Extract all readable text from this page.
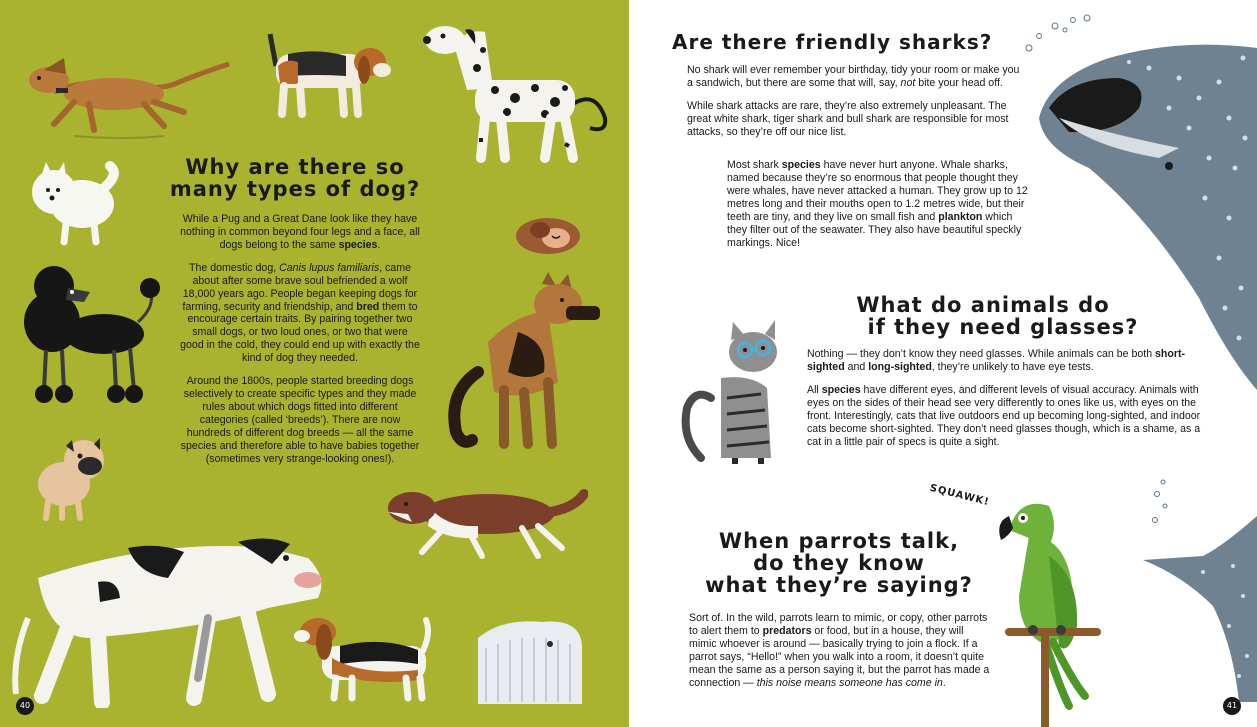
Why are there so
many types of dog?

While a Pug and a Great Dane look like they have nothing in common beyond four legs and a face, all dogs belong to the same species.

The domestic dog, Canis lupus familiaris, came about after some brave soul befriended a wolf 18,000 years ago. People began keeping dogs for farming, security and friendship, and bred them to encourage certain traits. By pairing together two small dogs, or two loud ones, or two that were good in the cold, they could end up with exactly the kind of dog they needed.

Around the 1800s, people started breeding dogs selectively to create specific types and they made rules about which dogs fitted into different categories (called ‘breeds’). There are now hundreds of different dog breeds — all the same species and therefore able to have babies together (sometimes very strange-looking ones!).

40
Are there friendly sharks?

No shark will ever remember your birthday, tidy your room or make you a sandwich, but there are some that will, say, not bite your head off.

While shark attacks are rare, they’re also extremely unpleasant. The great white shark, tiger shark and bull shark are responsible for most attacks, so they’re off our nice list.

Most shark species have never hurt anyone. Whale sharks, named because they’re so enormous that people thought they were whales, have never attacked a human. They grow up to 12 metres long and their mouths open to 1.2 metres wide, but their teeth are tiny, and they live on small fish and plankton which they filter out of the seawater. They also have beautiful speckly markings. Nice!

What do animals do
if they need glasses?

Nothing — they don’t know they need glasses. While animals can be both short-sighted and long-sighted, they’re unlikely to have eye tests.

All species have different eyes, and different levels of visual accuracy. Animals with eyes on the sides of their head see very differently to ones like us, with eyes on the front. Interestingly, cats that live outdoors end up becoming long-sighted, and indoor cats become short-sighted. They don’t need glasses though, which is a shame, as a cat in a little pair of specs is quite a sight.

When parrots talk,
do they know
what they’re saying?
SQUAWK!

Sort of. In the wild, parrots learn to mimic, or copy, other parrots to alert them to predators or food, but in a house, they will mimic whoever is around — basically trying to join a flock. If a parrot says, “Hello!” when you walk into a room, it doesn’t quite mean the same as a person saying it, but the parrot has made a connection — this noise means someone has come in.

41
